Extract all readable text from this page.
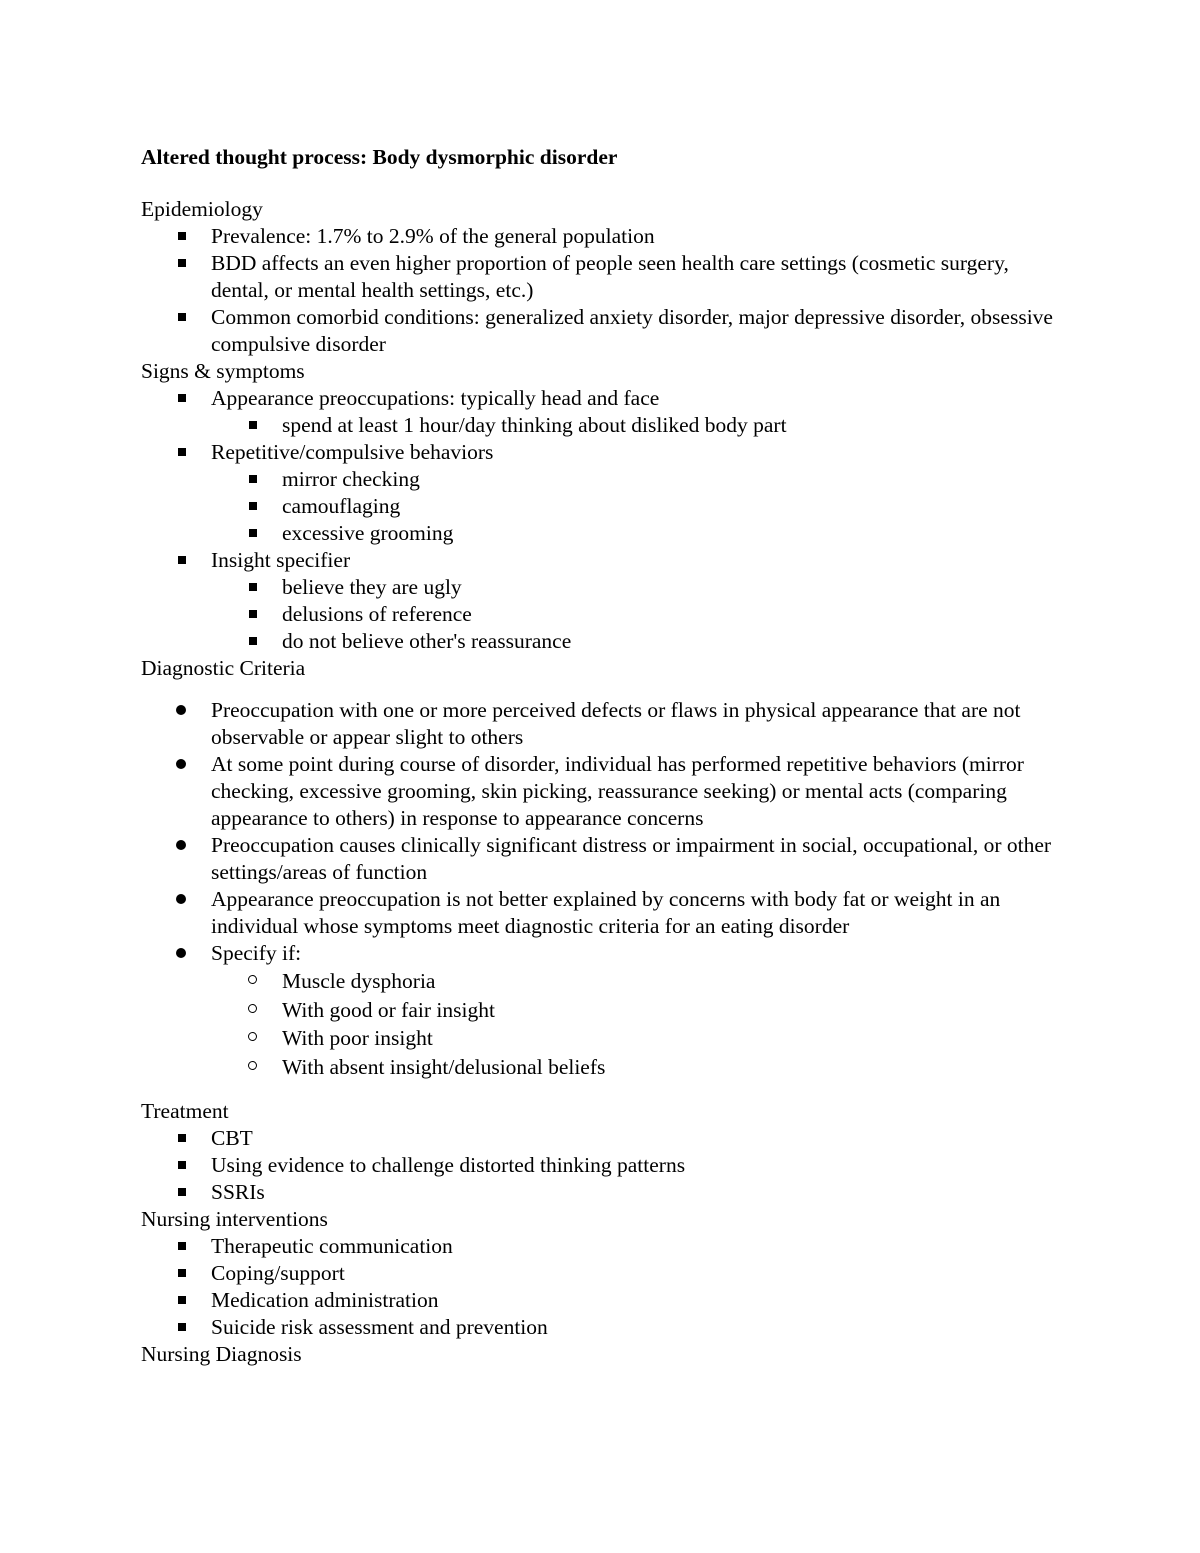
Altered thought process: Body dysmorphic disorder
Epidemiology
Prevalence: 1.7% to 2.9% of the general population
BDD affects an even higher proportion of people seen health care settings (cosmetic surgery, dental, or mental health settings, etc.)
Common comorbid conditions: generalized anxiety disorder, major depressive disorder, obsessive compulsive disorder
Signs & symptoms
Appearance preoccupations: typically head and face
spend at least 1 hour/day thinking about disliked body part
Repetitive/compulsive behaviors
mirror checking
camouflaging
excessive grooming
Insight specifier
believe they are ugly
delusions of reference
do not believe other's reassurance
Diagnostic Criteria
Preoccupation with one or more perceived defects or flaws in physical appearance that are not observable or appear slight to others
At some point during course of disorder, individual has performed repetitive behaviors (mirror checking, excessive grooming, skin picking, reassurance seeking) or mental acts (comparing appearance to others) in response to appearance concerns
Preoccupation causes clinically significant distress or impairment in social, occupational, or other settings/areas of function
Appearance preoccupation is not better explained by concerns with body fat or weight in an individual whose symptoms meet diagnostic criteria for an eating disorder
Specify if:
Muscle dysphoria
With good or fair insight
With poor insight
With absent insight/delusional beliefs
Treatment
CBT
Using evidence to challenge distorted thinking patterns
SSRIs
Nursing interventions
Therapeutic communication
Coping/support
Medication administration
Suicide risk assessment and prevention
Nursing Diagnosis
